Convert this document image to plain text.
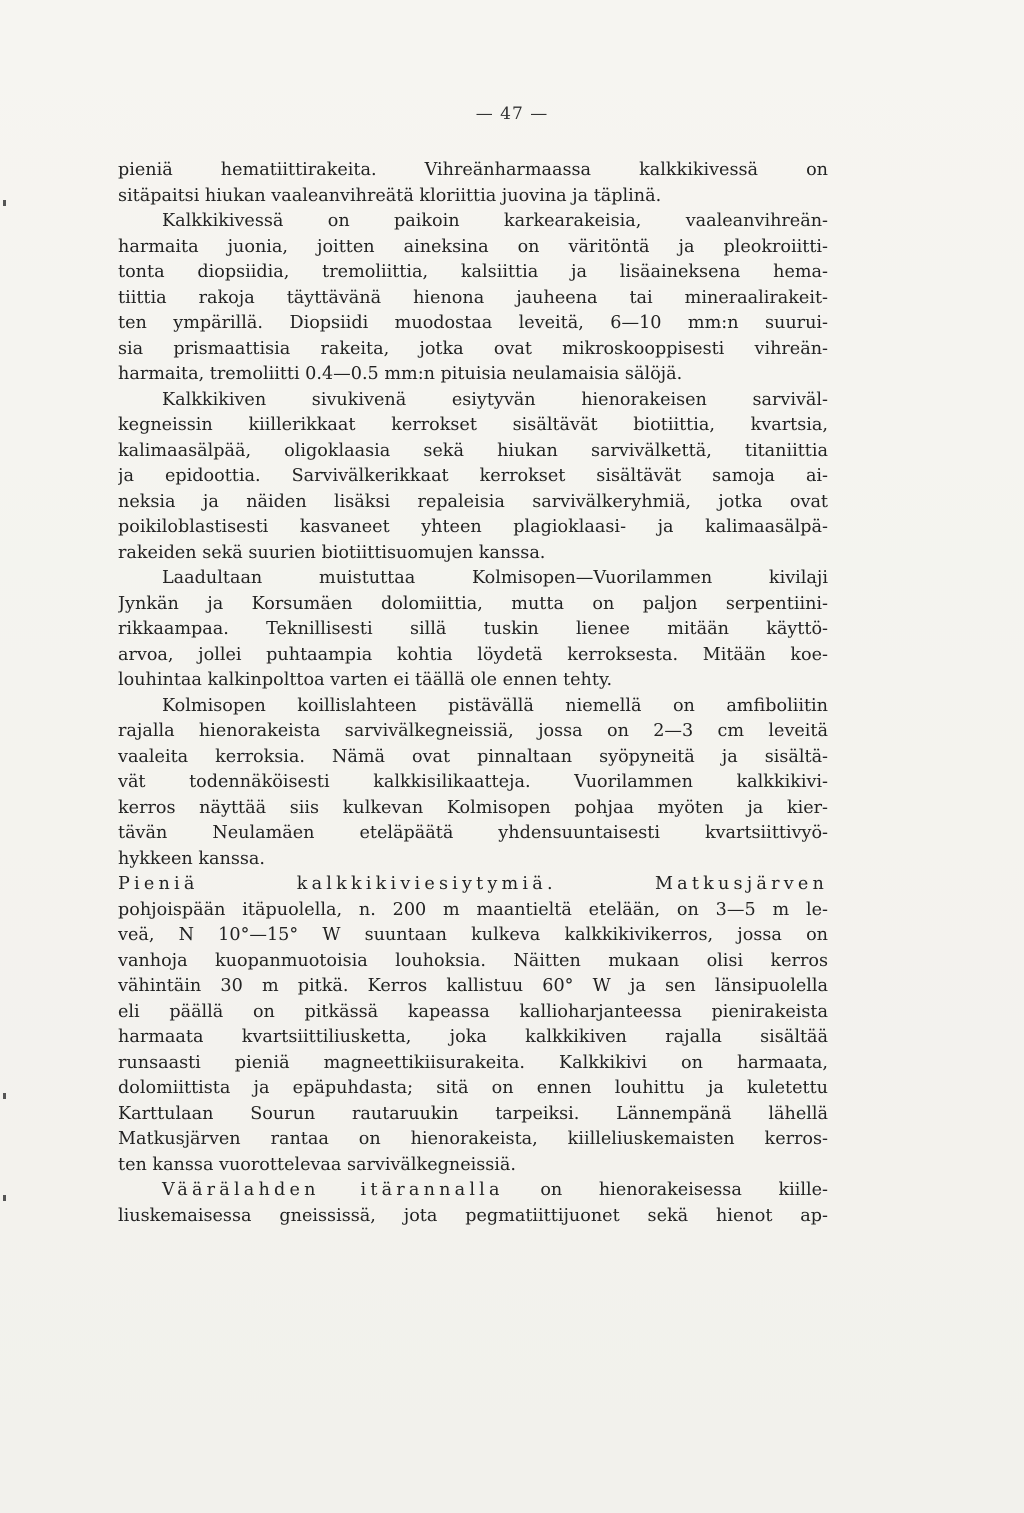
— 47 —
pieniä hematiittirakeita. Vihreänharmaassa kalkkikivessä on
sitäpaitsi hiukan vaaleanvihreätä kloriittia juovina ja täplinä.
Kalkkikivessä on paikoin karkearakeisia, vaaleanvihreän-
harmaita juonia, joitten aineksina on väritöntä ja pleokroiitti-
tonta diopsiidia, tremoliittia, kalsiittia ja lisäaineksena hema-
tiittia rakoja täyttävänä hienona jauheena tai mineraalirakeit-
ten ympärillä. Diopsiidi muodostaa leveitä, 6—10 mm:n suurui-
sia prismaattisia rakeita, jotka ovat mikroskooppisesti vihreän-
harmaita, tremoliitti 0.4—0.5 mm:n pituisia neulamaisia sälöjä.
Kalkkikiven sivukivenä esiytyvän hienorakeisen sarviväl-
kegneissin kiillerikkaat kerrokset sisältävät biotiittia, kvartsia,
kalimaasälpää, oligoklaasia sekä hiukan sarvivälkettä, titaniittia
ja epidoottia. Sarvivälkerikkaat kerrokset sisältävät samoja ai-
neksia ja näiden lisäksi repaleisia sarvivälkeryhmiä, jotka ovat
poikiloblastisesti kasvaneet yhteen plagioklaasi- ja kalimaasälpä-
rakeiden sekä suurien biotiittisuomujen kanssa.
Laadultaan muistuttaa Kolmisopen—Vuorilammen kivilaji
Jynkän ja Korsumäen dolomiittia, mutta on paljon serpentiini-
rikkaampaa. Teknillisesti sillä tuskin lienee mitään käyttö-
arvoa, jollei puhtaampia kohtia löydetä kerroksesta. Mitään koe-
louhintaa kalkinpolttoa varten ei täällä ole ennen tehty.
Kolmisopen koillislahteen pistävällä niemellä on amfiboliitin
rajalla hienorakeista sarvivälkegneissiä, jossa on 2—3 cm leveitä
vaaleita kerroksia. Nämä ovat pinnaltaan syöpyneitä ja sisältä-
vät todennäköisesti kalkkisilikaatteja. Vuorilammen kalkkikivi-
kerros näyttää siis kulkevan Kolmisopen pohjaa myöten ja kier-
tävän Neulamäen eteläpäätä yhdensuuntaisesti kvartsiittivyö-
hykkeen kanssa.
Pieniä kalkkikiviesiytymiä. Matkusjärven
pohjoispään itäpuolella, n. 200 m maantieltä etelään, on 3—5 m le-
veä, N 10°—15° W suuntaan kulkeva kalkkikivikerros, jossa on
vanhoja kuopanmuotoisia louhoksia. Näitten mukaan olisi kerros
vähintäin 30 m pitkä. Kerros kallistuu 60° W ja sen länsipuolella
eli päällä on pitkässä kapeassa kallioharjanteessa pienirakeista
harmaata kvartsiittiliusketta, joka kalkkikiven rajalla sisältää
runsaasti pieniä magneettikiisurakeita. Kalkkikivi on harmaata,
dolomiittista ja epäpuhdasta; sitä on ennen louhittu ja kuletettu
Karttulaan Sourun rautaruukin tarpeiksi. Lännempänä lähellä
Matkusjärven rantaa on hienorakeista, kiilleliuskemaisten kerros-
ten kanssa vuorottelevaa sarvivälkegneissiä.
Väärälahden itärannalla on hienorakeisessa kiille-
liuskemaisessa gneississä, jota pegmatiittijuonet sekä hienot ap-
